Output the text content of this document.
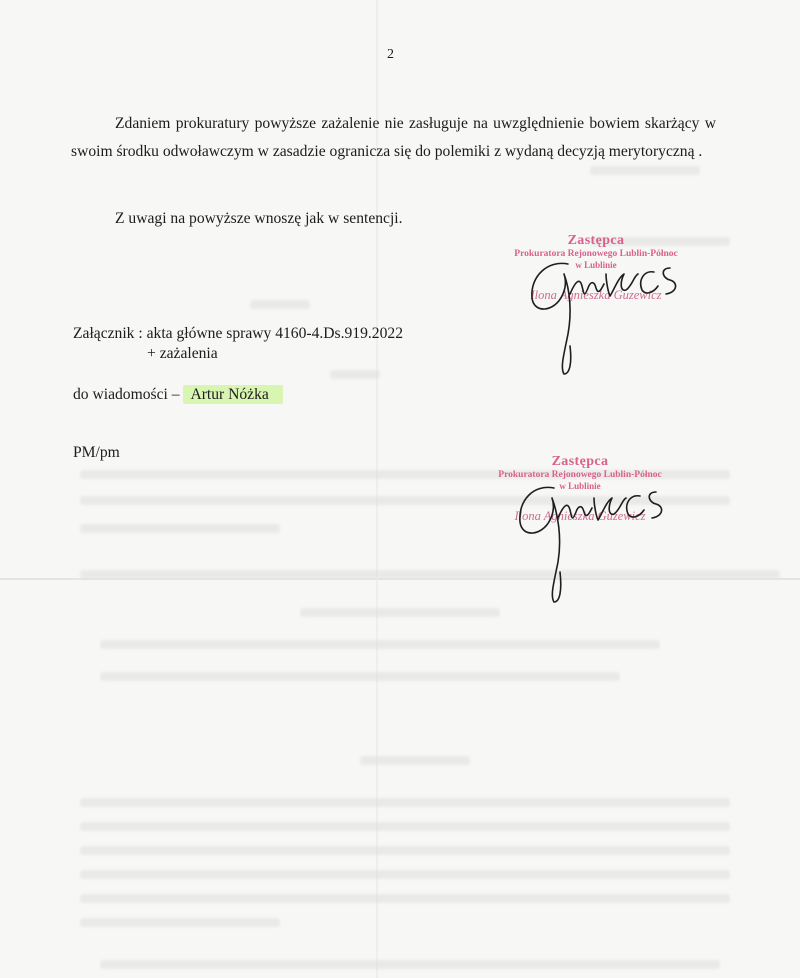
2
Zdaniem prokuratury powyższe zażalenie nie zasługuje na uwzględnienie bowiem skarżący w swoim środku odwoławczym w zasadzie ogranicza się do polemiki z wydaną decyzją merytoryczną .
Z uwagi na powyższe wnoszę jak w sentencji.
Załącznik : akta główne sprawy 4160-4.Ds.919.2022
+ zażalenia
do wiadomości – Artur Nóżka
PM/pm
Zastępca
Prokuratora Rejonowego Lublin-Północ
w Lublinie
Ilona Agnieszka Guzewicz
Zastępca
Prokuratora Rejonowego Lublin-Północ
w Lublinie
Ilona Agnieszka Guzewicz
